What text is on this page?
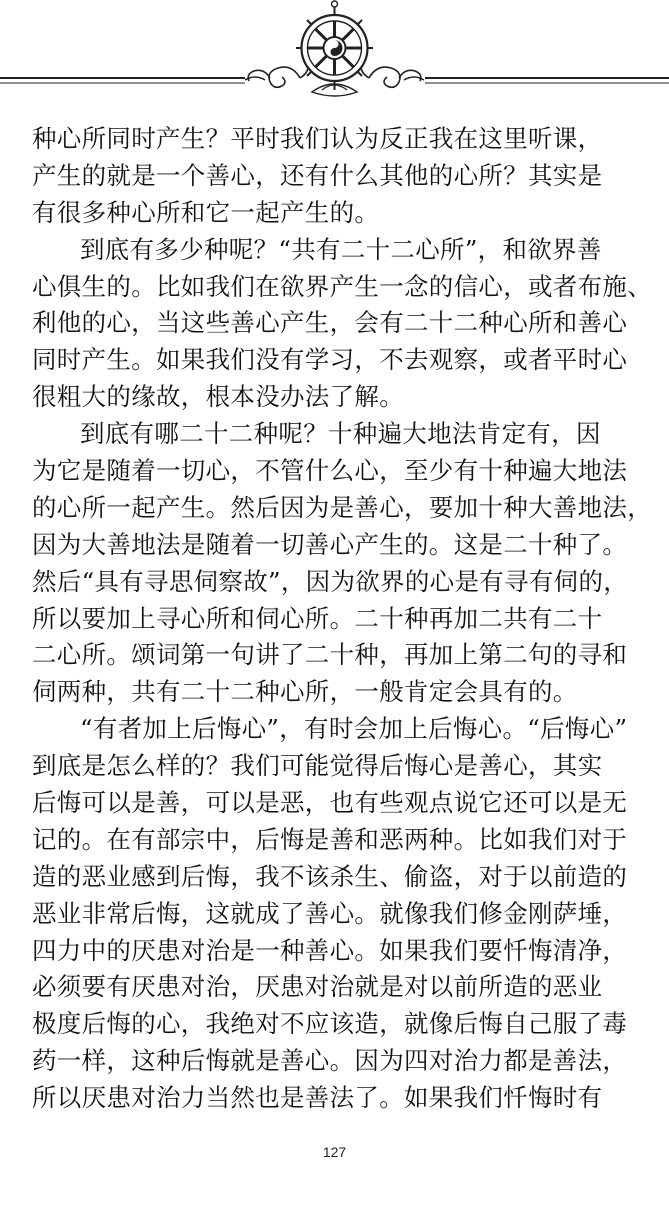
种心所同时产生？平时我们认为反正我在这里听课，
产生的就是一个善心，还有什么其他的心所？其实是
有很多种心所和它一起产生的。
到底有多少种呢？“共有二十二心所”，和欲界善
心俱生的。比如我们在欲界产生一念的信心，或者布施、
利他的心，当这些善心产生，会有二十二种心所和善心
同时产生。如果我们没有学习，不去观察，或者平时心
很粗大的缘故，根本没办法了解。
到底有哪二十二种呢？十种遍大地法肯定有，因
为它是随着一切心，不管什么心，至少有十种遍大地法
的心所一起产生。然后因为是善心，要加十种大善地法，
因为大善地法是随着一切善心产生的。这是二十种了。
然后“具有寻思伺察故”，因为欲界的心是有寻有伺的，
所以要加上寻心所和伺心所。二十种再加二共有二十
二心所。颂词第一句讲了二十种，再加上第二句的寻和
伺两种，共有二十二种心所，一般肯定会具有的。
“有者加上后悔心”，有时会加上后悔心。“后悔心”
到底是怎么样的？我们可能觉得后悔心是善心，其实
后悔可以是善，可以是恶，也有些观点说它还可以是无
记的。在有部宗中，后悔是善和恶两种。比如我们对于
造的恶业感到后悔，我不该杀生、偷盗，对于以前造的
恶业非常后悔，这就成了善心。就像我们修金刚萨埵，
四力中的厌患对治是一种善心。如果我们要忏悔清净，
必须要有厌患对治，厌患对治就是对以前所造的恶业
极度后悔的心，我绝对不应该造，就像后悔自己服了毒
药一样，这种后悔就是善心。因为四对治力都是善法，
所以厌患对治力当然也是善法了。如果我们忏悔时有
127
